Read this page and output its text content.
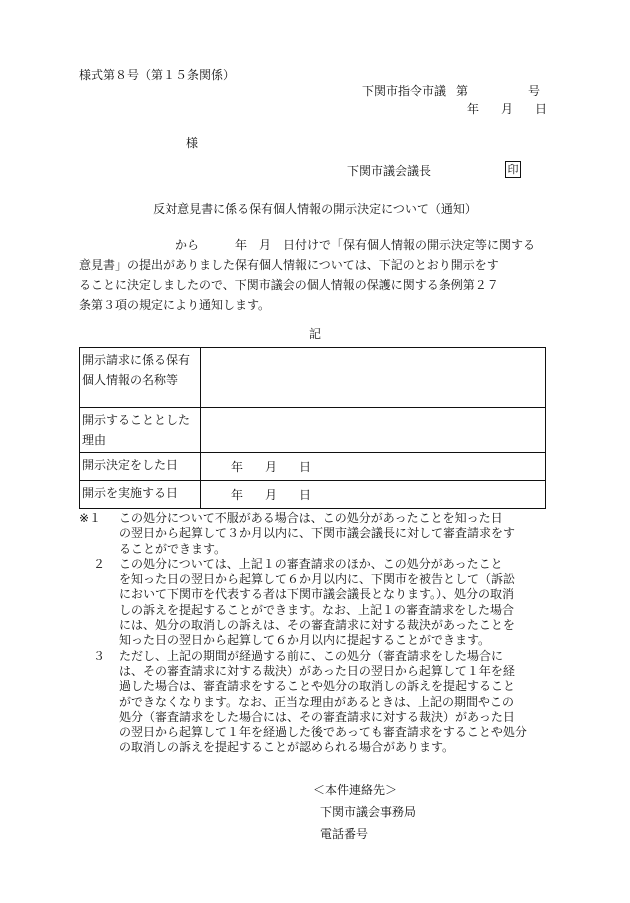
様式第８号（第１５条関係）
下関市指令市議 第	号
年 月 日
様
下関市議会議長	印
反対意見書に係る保有個人情報の開示決定について（通知）
　　　　　　　　から　　　年　月　日付けで「保有個人情報の開示決定等に関する
意見書」の提出がありました保有個人情報については、下記のとおり開示をす
ることに決定しましたので、下関市議会の個人情報の保護に関する条例第２７
条第３項の規定により通知します。
記
開示請求に係る保有個人情報の名称等	
開示することとした理由	
開示決定をした日	年 月 日
開示を実施する日	年 月 日
※１ この処分について不服がある場合は、この処分があったことを知った日
の翌日から起算して３か月以内に、下関市議会議長に対して審査請求をす
ることができます。
２ この処分については、上記１の審査請求のほか、この処分があったこと
を知った日の翌日から起算して６か月以内に、下関市を被告として（訴訟
において下関市を代表する者は下関市議会議長となります。）、処分の取消
しの訴えを提起することができます。なお、上記１の審査請求をした場合
には、処分の取消しの訴えは、その審査請求に対する裁決があったことを
知った日の翌日から起算して６か月以内に提起することができます。
３ ただし、上記の期間が経過する前に、この処分（審査請求をした場合に
は、その審査請求に対する裁決）があった日の翌日から起算して１年を経
過した場合は、審査請求をすることや処分の取消しの訴えを提起すること
ができなくなります。なお、正当な理由があるときは、上記の期間やこの
処分（審査請求をした場合には、その審査請求に対する裁決）があった日
の翌日から起算して１年を経過した後であっても審査請求をすることや処分
の取消しの訴えを提起することが認められる場合があります。
＜本件連絡先＞
下関市議会事務局
電話番号
